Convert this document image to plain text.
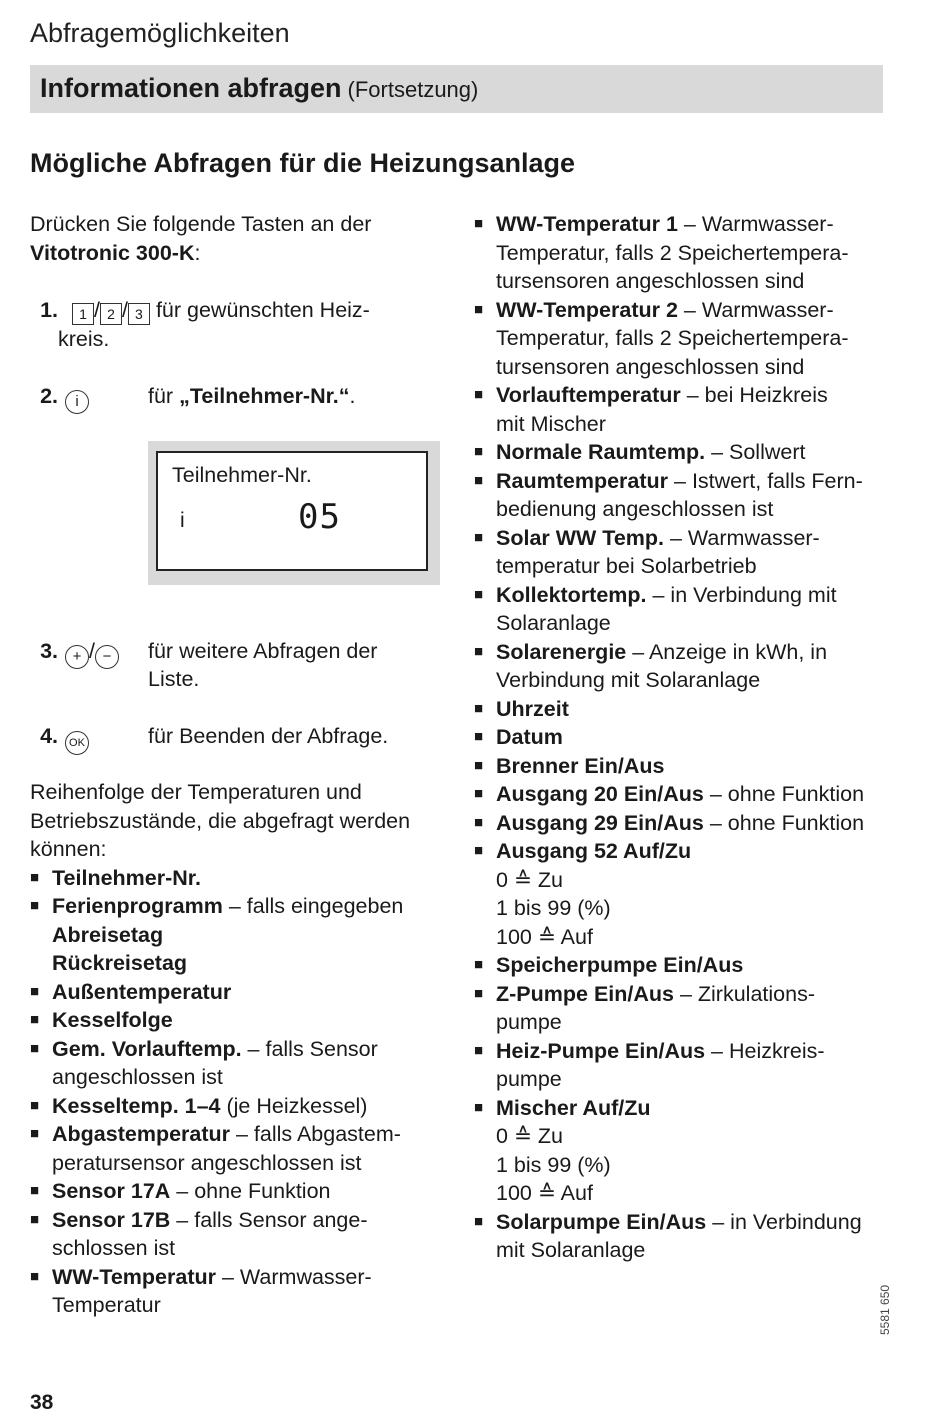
Abfragemöglichkeiten
Informationen abfragen (Fortsetzung)
Mögliche Abfragen für die Heizungsanlage
Drücken Sie folgende Tasten an der
Vitotronic 300-K:
1. 1 / 2 / 3 für gewünschten Heiz-
kreis.
2. i	für „Teilnehmer-Nr.“.
Teilnehmer-Nr.
i	05
3. + / −	für weitere Abfragen der
Liste.
4. OK	für Beenden der Abfrage.
Reihenfolge der Temperaturen und
Betriebszustände, die abgefragt werden
können:
■ Teilnehmer-Nr.
■ Ferienprogramm – falls eingegeben
Abreisetag
Rückreisetag
■ Außentemperatur
■ Kesselfolge
■ Gem. Vorlauftemp. – falls Sensor
angeschlossen ist
■ Kesseltemp. 1–4 (je Heizkessel)
■ Abgastemperatur – falls Abgastem-
peratursensor angeschlossen ist
■ Sensor 17A – ohne Funktion
■ Sensor 17B – falls Sensor ange-
schlossen ist
■ WW-Temperatur – Warmwasser-
Temperatur
■ WW-Temperatur 1 – Warmwasser-
Temperatur, falls 2 Speichertempera-
tursensoren angeschlossen sind
■ WW-Temperatur 2 – Warmwasser-
Temperatur, falls 2 Speichertempera-
tursensoren angeschlossen sind
■ Vorlauftemperatur – bei Heizkreis
mit Mischer
■ Normale Raumtemp. – Sollwert
■ Raumtemperatur – Istwert, falls Fern-
bedienung angeschlossen ist
■ Solar WW Temp. – Warmwasser-
temperatur bei Solarbetrieb
■ Kollektortemp. – in Verbindung mit
Solaranlage
■ Solarenergie – Anzeige in kWh, in
Verbindung mit Solaranlage
■ Uhrzeit
■ Datum
■ Brenner Ein/Aus
■ Ausgang 20 Ein/Aus – ohne Funktion
■ Ausgang 29 Ein/Aus – ohne Funktion
■ Ausgang 52 Auf/Zu
0 ≙ Zu
1 bis 99 (%)
100 ≙ Auf
■ Speicherpumpe Ein/Aus
■ Z-Pumpe Ein/Aus – Zirkulations-
pumpe
■ Heiz-Pumpe Ein/Aus – Heizkreis-
pumpe
■ Mischer Auf/Zu
0 ≙ Zu
1 bis 99 (%)
100 ≙ Auf
■ Solarpumpe Ein/Aus – in Verbindung
mit Solaranlage
5581 650
38
